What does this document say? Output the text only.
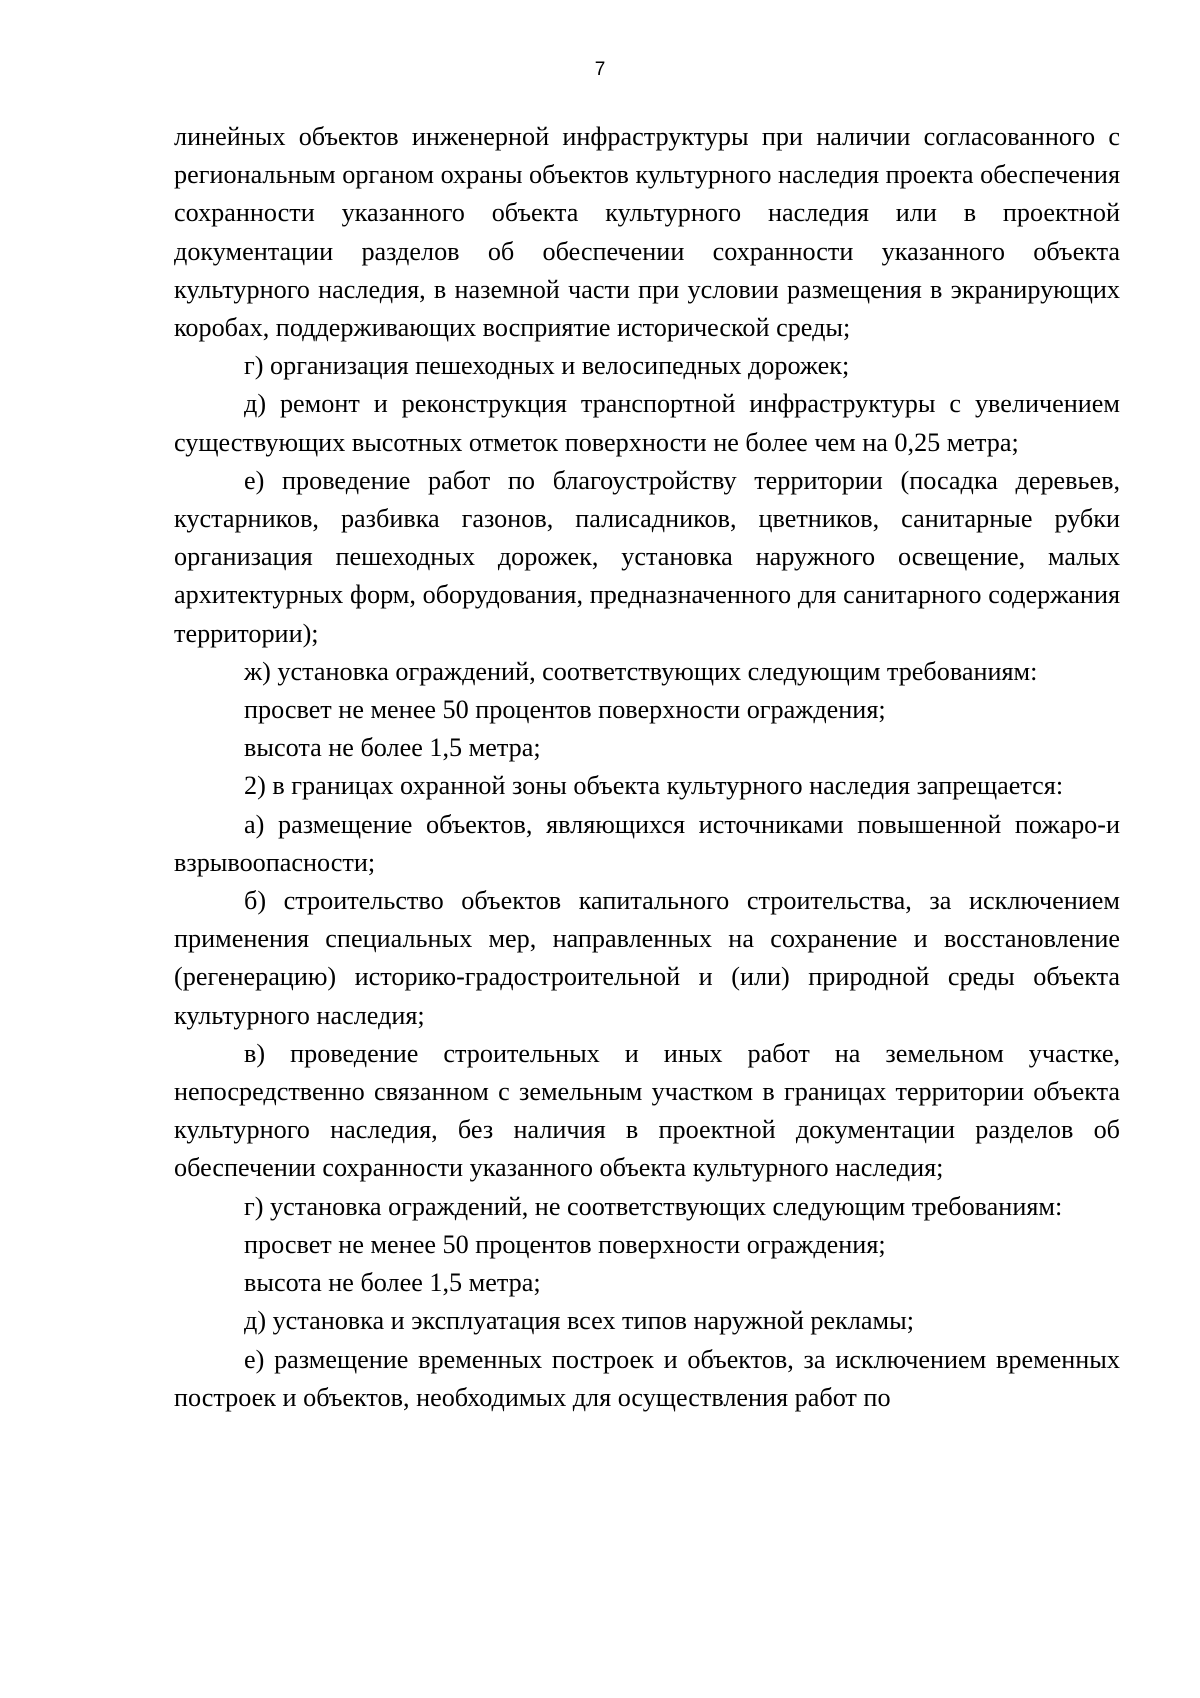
7

линейных объектов инженерной инфраструктуры при наличии согласованного с региональным органом охраны объектов культурного наследия проекта обеспечения сохранности указанного объекта культурного наследия или в проектной документации разделов об обеспечении сохранности указанного объекта культурного наследия, в наземной части при условии размещения в экранирующих коробах, поддерживающих восприятие исторической среды;

г) организация пешеходных и велосипедных дорожек;

д) ремонт и реконструкция транспортной инфраструктуры с увеличением существующих высотных отметок поверхности не более чем на 0,25 метра;

е) проведение работ по благоустройству территории (посадка деревьев, кустарников, разбивка газонов, палисадников, цветников, санитарные рубки организация пешеходных дорожек, установка наружного освещение, малых архитектурных форм, оборудования, предназначенного для санитарного содержания территории);

ж) установка ограждений, соответствующих следующим требованиям:

просвет не менее 50 процентов поверхности ограждения;

высота не более 1,5 метра;

2) в границах охранной зоны объекта культурного наследия запрещается:

а) размещение объектов, являющихся источниками повышенной пожаро-и взрывоопасности;

б) строительство объектов капитального строительства, за исключением применения специальных мер, направленных на сохранение и восстановление (регенерацию) историко-градостроительной и (или) природной среды объекта культурного наследия;

в) проведение строительных и иных работ на земельном участке, непосредственно связанном с земельным участком в границах территории объекта культурного наследия, без наличия в проектной документации разделов об обеспечении сохранности указанного объекта культурного наследия;

г) установка ограждений, не соответствующих следующим требованиям:

просвет не менее 50 процентов поверхности ограждения;

высота не более 1,5 метра;

д) установка и эксплуатация всех типов наружной рекламы;

е) размещение временных построек и объектов, за исключением временных построек и объектов, необходимых для осуществления работ по
